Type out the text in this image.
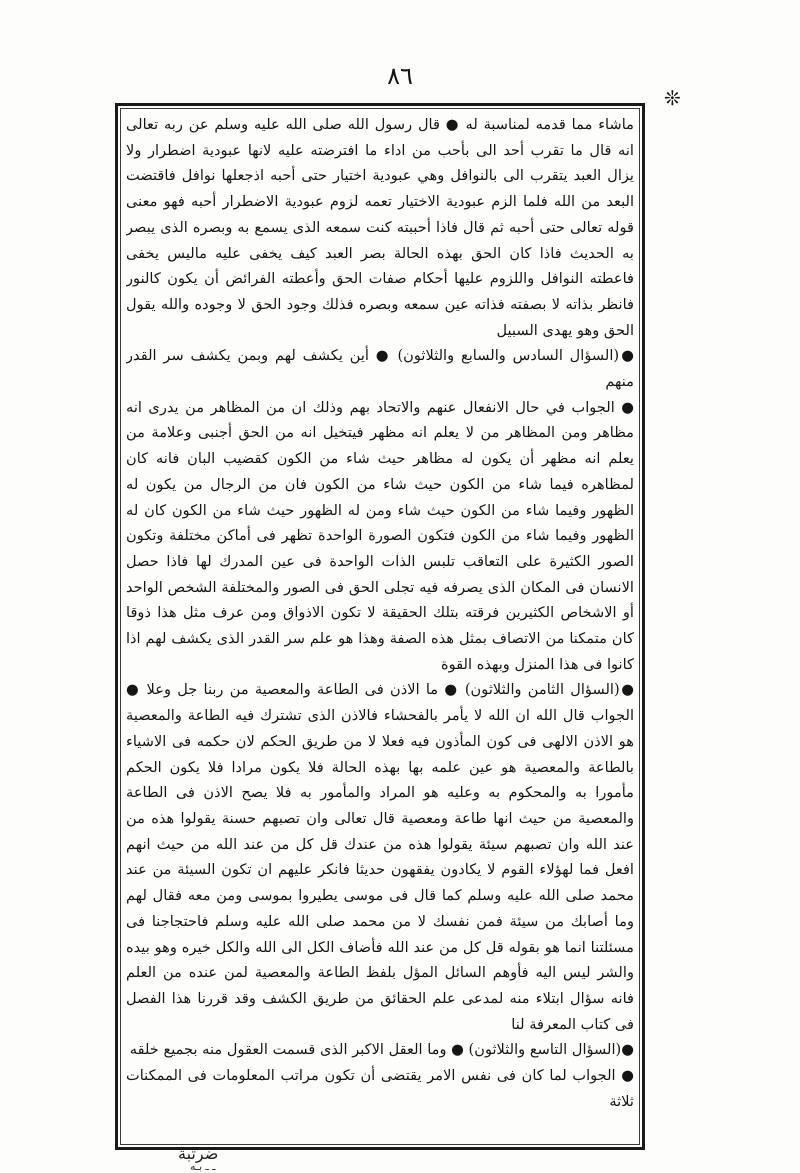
٨٦
❊

ماشاء مما قدمه لمناسبة له ● قال رسول الله صلى الله عليه وسلم عن ربه تعالى انه قال ما تقرب أحد الى بأحب من اداء ما افترضته عليه لانها عبودية اضطرار ولا يزال العبد يتقرب الى بالنوافل وهي عبودية اختيار حتى أحبه اذجعلها نوافل فاقتضت البعد من الله فلما الزم عبودية الاختيار تعمه لزوم عبودية الاضطرار أحبه فهو معنى قوله تعالى حتى أحبه ثم قال فاذا أحببته كنت سمعه الذى يسمع به وبصره الذى يبصر به الحديث فاذا كان الحق بهذه الحالة بصر العبد كيف يخفى عليه ماليس يخفى فاعطته النوافل واللزوم عليها أحكام صفات الحق وأعطته الفرائض أن يكون كالنور فانظر بذاته لا بصفته فذاته عين سمعه وبصره فذلك وجود الحق لا وجوده والله يقول الحق وهو يهدى السبيل

●(السؤال السادس والسابع والثلاثون) ● أين يكشف لهم وبمن يكشف سر القدر منهم

● الجواب في حال الانفعال عنهم والاتحاد بهم وذلك ان من المظاهر من يدرى انه مظاهر ومن المظاهر من لا يعلم انه مظهر فيتخيل انه من الحق أجنبى وعلامة من يعلم انه مظهر أن يكون له مظاهر حيث شاء من الكون كقضيب البان فانه كان لمظاهره فيما شاء من الكون حيث شاء من الكون فان من الرجال من يكون له الظهور وفيما شاء من الكون حيث شاء ومن له الظهور حيث شاء من الكون كان له الظهور وفيما شاء من الكون فتكون الصورة الواحدة تظهر فى أماكن مختلفة وتكون الصور الكثيرة على التعاقب تلبس الذات الواحدة فى عين المدرك لها فاذا حصل الانسان فى المكان الذى يصرفه فيه تجلى الحق فى الصور والمختلفة الشخص الواحد أو الاشخاص الكثيرين فرقته بتلك الحقيقة لا تكون الاذواق ومن عرف مثل هذا ذوقا كان متمكنا من الاتصاف بمثل هذه الصفة وهذا هو علم سر القدر الذى يكشف لهم اذا كانوا فى هذا المنزل وبهذه القوة

●(السؤال الثامن والثلاثون) ● ما الاذن فى الطاعة والمعصية من ربنا جل وعلا ● الجواب قال الله ان الله لا يأمر بالفحشاء فالاذن الذى تشترك فيه الطاعة والمعصية هو الاذن الالهى فى كون المأذون فيه فعلا لا من طريق الحكم لان حكمه فى الاشياء بالطاعة والمعصية هو عين علمه بها بهذه الحالة فلا يكون مرادا فلا يكون الحكم مأمورا به والمحكوم به وعليه هو المراد والمأمور به فلا يصح الاذن فى الطاعة والمعصية من حيث انها طاعة ومعصية قال تعالى وان تصبهم حسنة يقولوا هذه من عند الله وان تصبهم سيئة يقولوا هذه من عندك قل كل من عند الله من حيث انهم افعل فما لهؤلاء القوم لا يكادون يفقهون حديثا فانكر عليهم ان تكون السيئة من عند محمد صلى الله عليه وسلم كما قال فى موسى يطيروا بموسى ومن معه فقال لهم وما أصابك من سيئة فمن نفسك لا من محمد صلى الله عليه وسلم فاحتجاجنا فى مسئلتنا انما هو بقوله قل كل من عند الله فأضاف الكل الى الله والكل خيره وهو بيده والشر ليس اليه فأوهم السائل المؤل بلفظ الطاعة والمعصية لمن عنده من العلم فانه سؤال ابتلاء منه لمدعى علم الحقائق من طريق الكشف وقد قررنا هذا الفصل فى كتاب المعرفة لنا

●(السؤال التاسع والثلاثون) ● وما العقل الاكبر الذى قسمت العقول منه بجميع خلقه

● الجواب لما كان فى نفس الامر يقتضى أن تكون مراتب المعلومات فى الممكنات ثلاثة

ضرتبة
ـ ـ بـه
